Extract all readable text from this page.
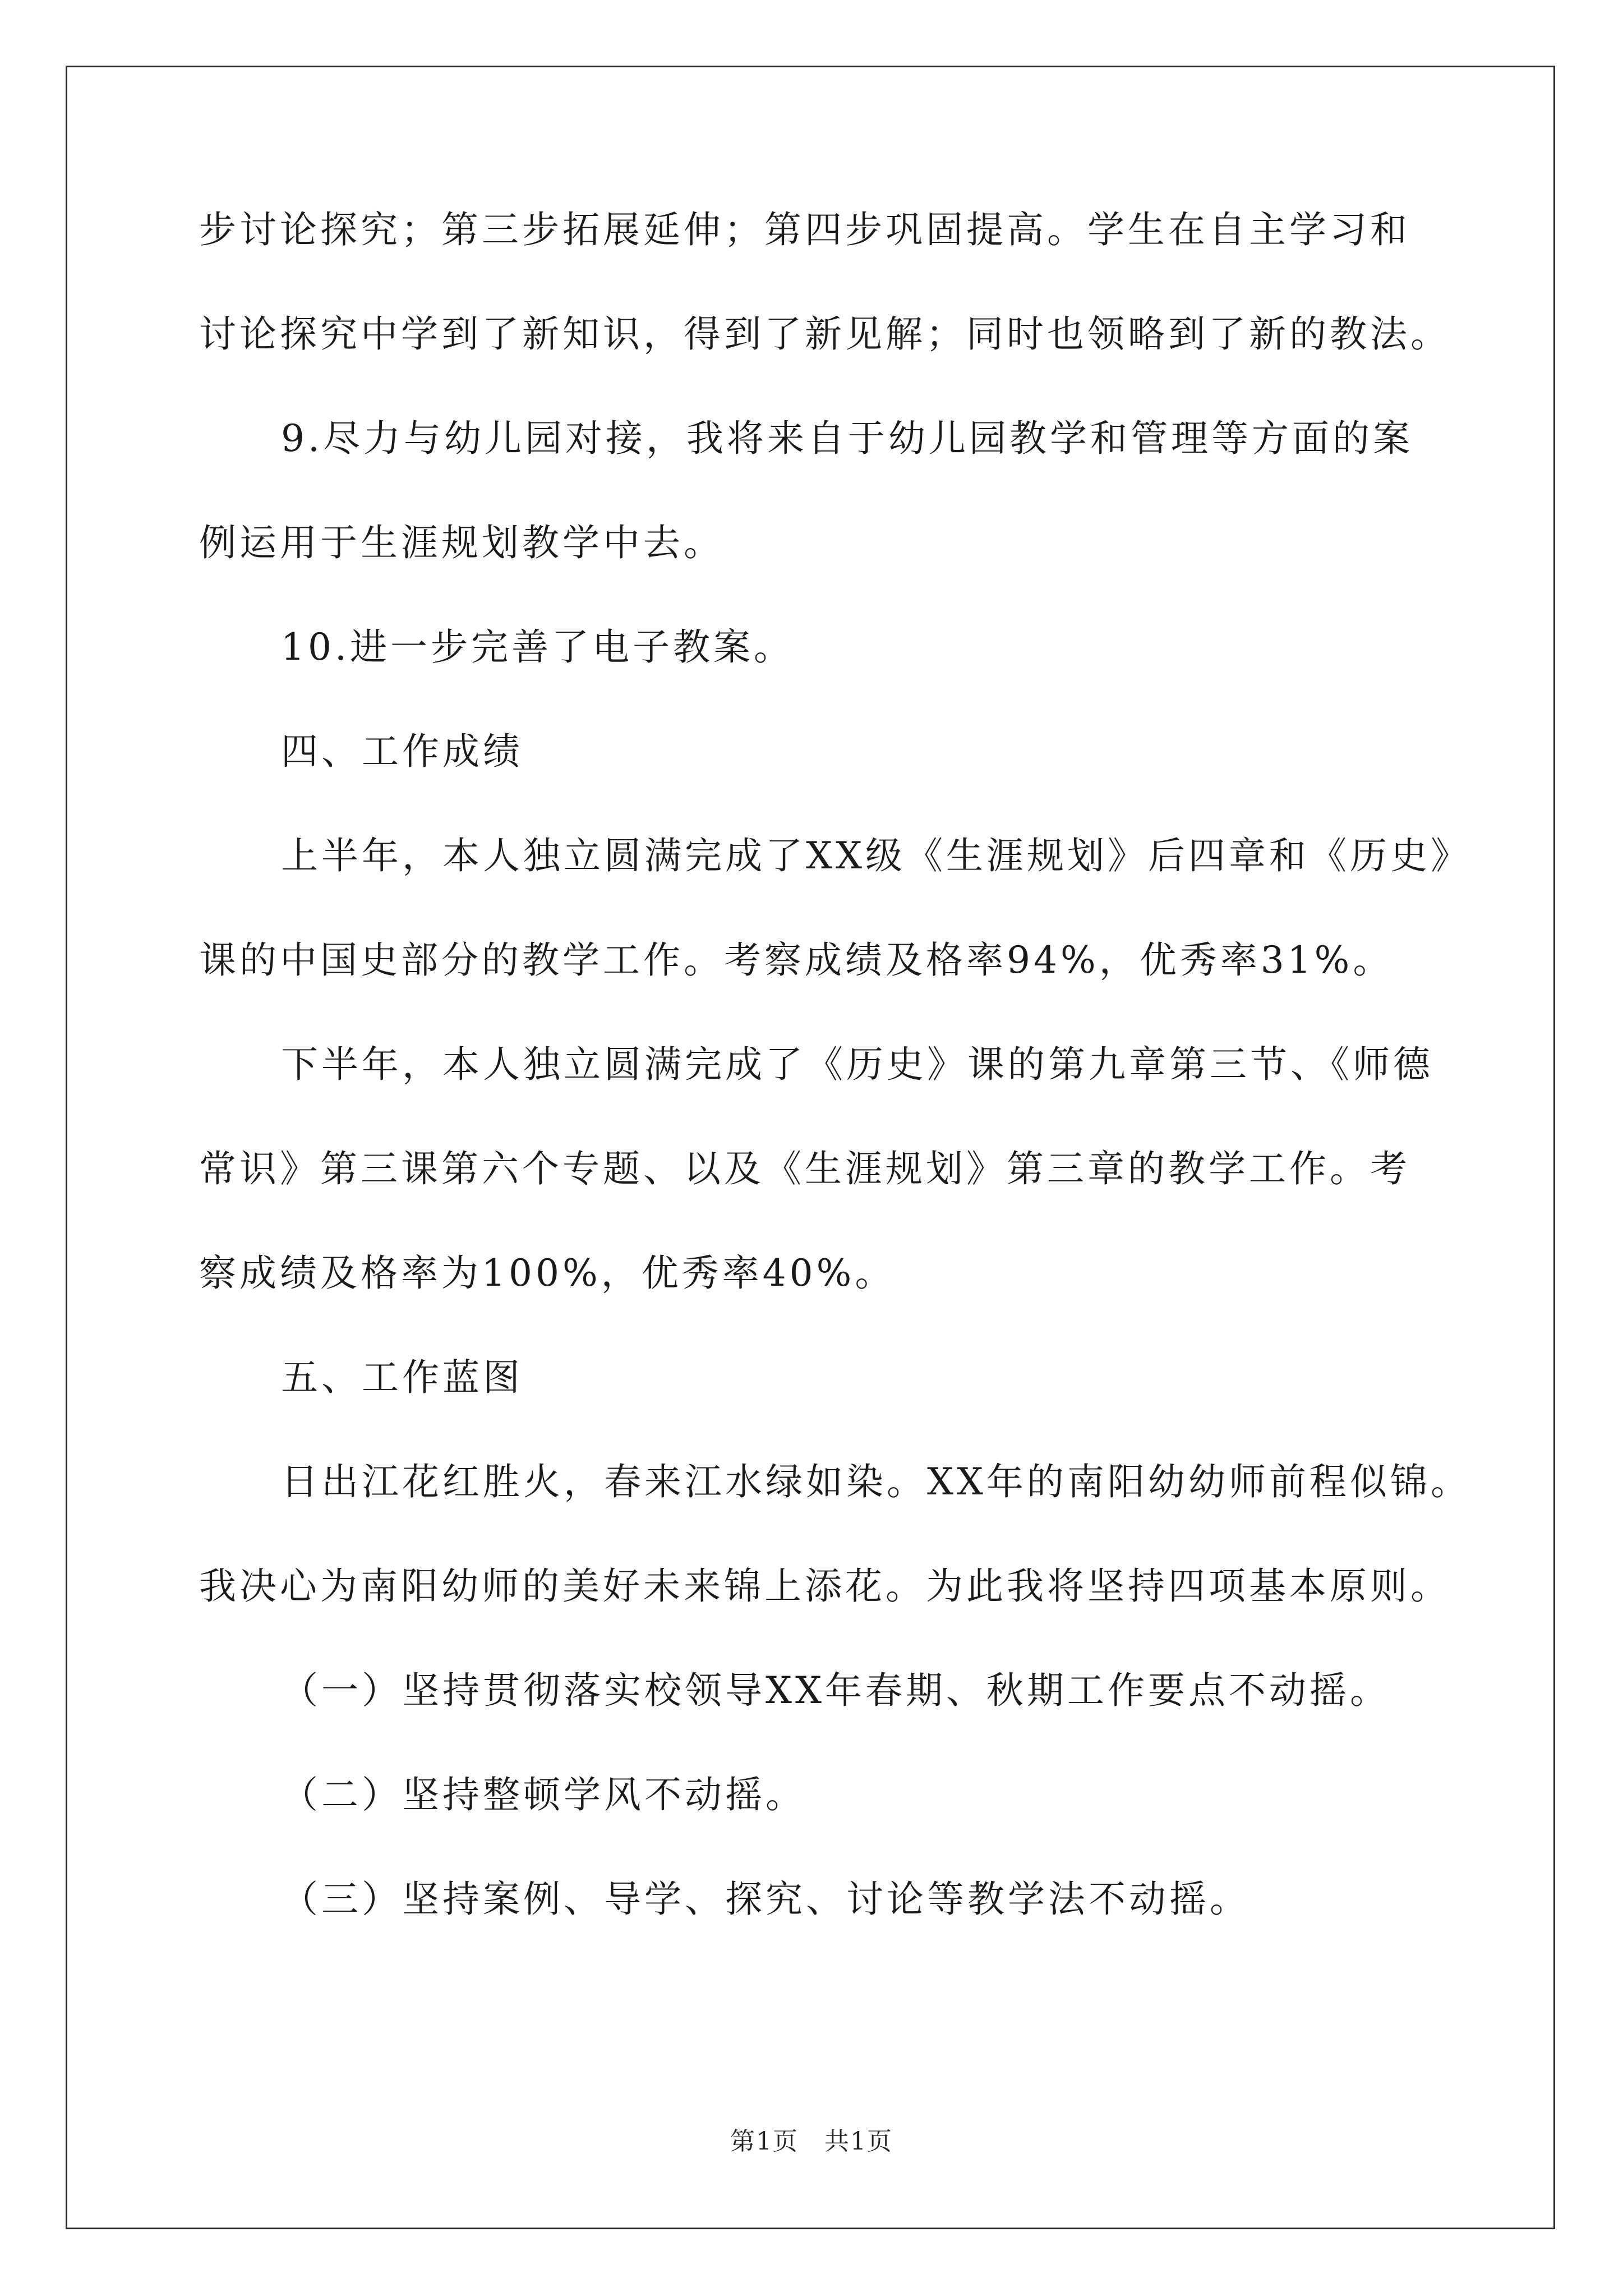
步讨论探究；第三步拓展延伸；第四步巩固提高。学生在自主学习和
讨论探究中学到了新知识，得到了新见解；同时也领略到了新的教法。
9.尽力与幼儿园对接，我将来自于幼儿园教学和管理等方面的案
例运用于生涯规划教学中去。
10.进一步完善了电子教案。
四、工作成绩
上半年，本人独立圆满完成了XX级《生涯规划》后四章和《历史》
课的中国史部分的教学工作。考察成绩及格率94%，优秀率31%。
下半年，本人独立圆满完成了《历史》课的第九章第三节、《师德
常识》第三课第六个专题、以及《生涯规划》第三章的教学工作。考
察成绩及格率为100%，优秀率40%。
五、工作蓝图
日出江花红胜火，春来江水绿如染。XX年的南阳幼幼师前程似锦。
我决心为南阳幼师的美好未来锦上添花。为此我将坚持四项基本原则。
（一）坚持贯彻落实校领导XX年春期、秋期工作要点不动摇。
（二）坚持整顿学风不动摇。
（三）坚持案例、导学、探究、讨论等教学法不动摇。
第1页　共1页
